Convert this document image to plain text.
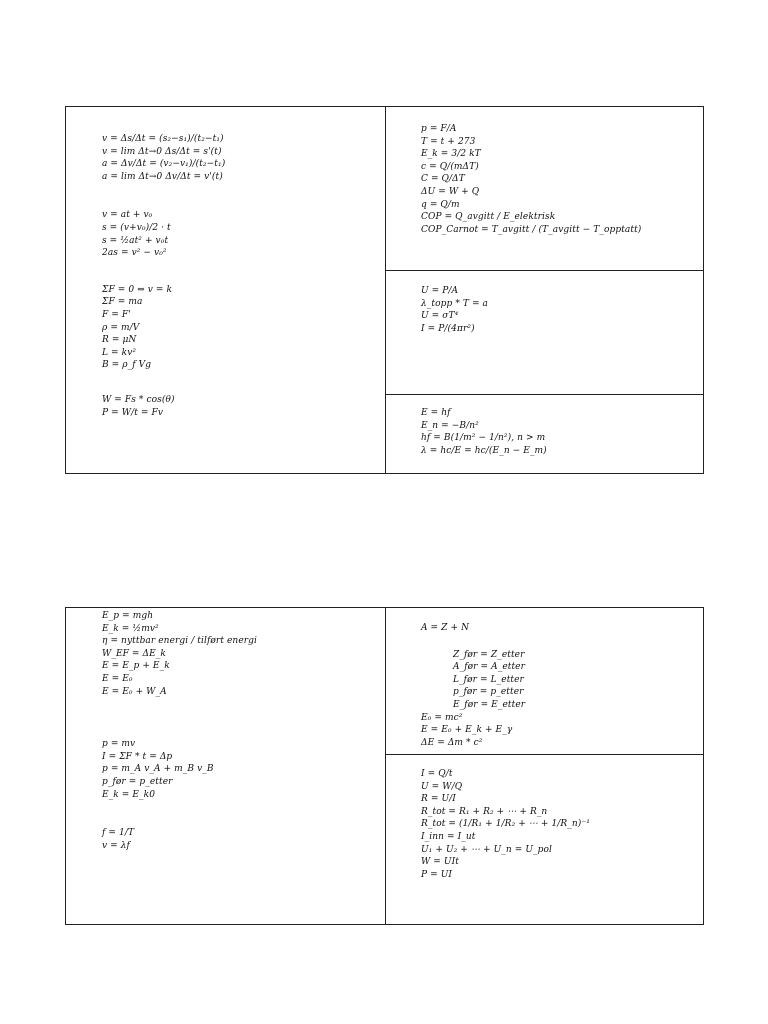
v = Δs/Δt = (s₂−s₁)/(t₂−t₁)
v = lim Δt→0 Δs/Δt = s'(t)
a = Δv/Δt = (v₂−v₁)/(t₂−t₁)
a = lim Δt→0 Δv/Δt = v'(t)
v = at + v₀
s = (v+v₀)/2 · t
s = ½at² + v₀t
2as = v² − v₀²
ΣF = 0 ⇔ v = k
ΣF = ma
F = F'
ρ = m/V
R = μN
L = kv²
B = ρ_f Vg
W = Fs * cos(θ)
P = W/t = Fv
p = F/A
T = t + 273
E_k = 3/2 kT
c = Q/(mΔT)
C = Q/ΔT
ΔU = W + Q
q = Q/m
COP = Q_avgitt / E_elektrisk
COP_Carnot = T_avgitt / (T_avgitt − T_opptatt)
U = P/A
λ_topp * T = a
U = σT⁴
I = P/(4πr²)
E = hf
E_n = −B/n²
hf = B(1/m² − 1/n²), n > m
λ = hc/E = hc/(E_n − E_m)
E_p = mgh
E_k = ½mv²
η = nyttbar energi / tilført energi
W_EF = ΔE_k
E = E_p + E_k
E = E₀
E = E₀ + W_A
p = mv
I = ΣF * t = Δp
p = m_A v_A + m_B v_B
p_før = p_etter
E_k = E_k0
f = 1/T
v = λf
A = Z + N
Z_før = Z_etter
A_før = A_etter
L_før = L_etter
p_før = p_etter
E_før = E_etter
E₀ = mc²
E = E₀ + E_k + E_γ
ΔE = Δm * c²
I = Q/t
U = W/Q
R = U/I
R_tot = R₁ + R₂ + ⋯ + R_n
R_tot = (1/R₁ + 1/R₂ + ⋯ + 1/R_n)⁻¹
I_inn = I_ut
U₁ + U₂ + ⋯ + U_n = U_pol
W = UIt
P = UI
